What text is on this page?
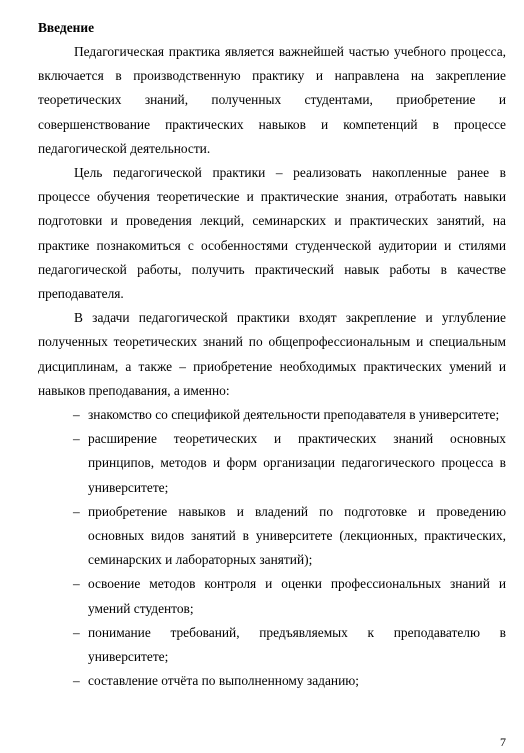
Введение

Педагогическая практика является важнейшей частью учебного процесса, включается в производственную практику и направлена на закрепление теоретических знаний, полученных студентами, приобретение и совершенствование практических навыков и компетенций в процессе педагогической деятельности.

Цель педагогической практики – реализовать накопленные ранее в процессе обучения теоретические и практические знания, отработать навыки подготовки и проведения лекций, семинарских и практических занятий, на практике познакомиться с особенностями студенческой аудитории и стилями педагогической работы, получить практический навык работы в качестве преподавателя.

В задачи педагогической практики входят закрепление и углубление полученных теоретических знаний по общепрофессиональным и специальным дисциплинам, а также – приобретение необходимых практических умений и навыков преподавания, а именно:

– знакомство со спецификой деятельности преподавателя в университете;
– расширение теоретических и практических знаний основных принципов, методов и форм организации педагогического процесса в университете;
– приобретение навыков и владений по подготовке и проведению основных видов занятий в университете (лекционных, практических, семинарских и лабораторных занятий);
– освоение методов контроля и оценки профессиональных знаний и умений студентов;
– понимание требований, предъявляемых к преподавателю в университете;
– составление отчёта по выполненному заданию;
7
